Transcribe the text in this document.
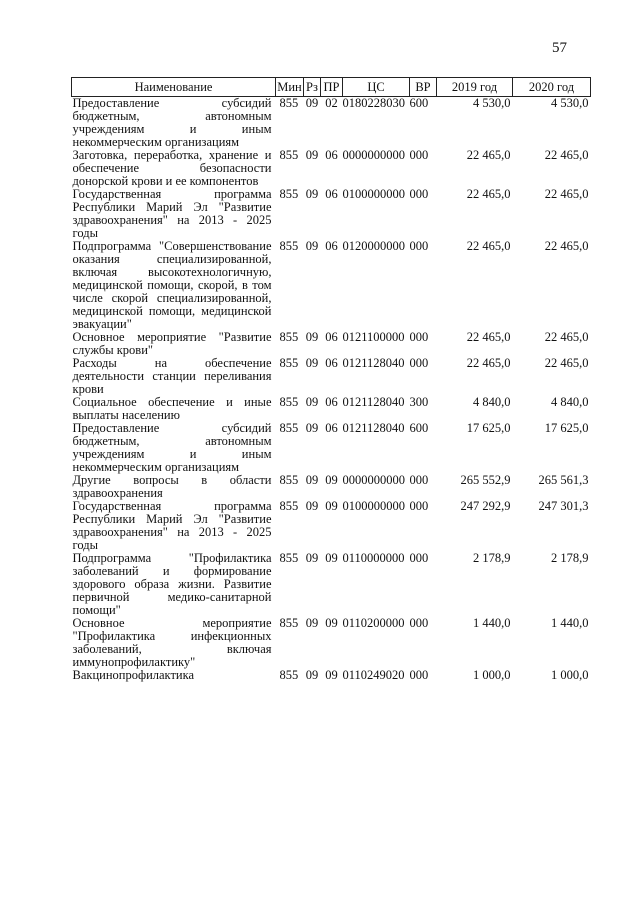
57
Наименование	Мин	Рз	ПР	ЦС	ВР	2019 год	2020 год
Предоставление субсидий бюджетным, автономным учреждениям и иным некоммерческим организациям	855	09	02	0180228030	600	4 530,0	4 530,0
Заготовка, переработка, хранение и обеспечение безопасности донорской крови и ее компонентов	855	09	06	0000000000	000	22 465,0	22 465,0
Государственная программа Республики Марий Эл "Развитие здравоохранения" на 2013 - 2025 годы	855	09	06	0100000000	000	22 465,0	22 465,0
Подпрограмма "Совершенствование оказания специализированной, включая высокотехнологичную, медицинской помощи, скорой, в том числе скорой специализированной, медицинской помощи, медицинской эвакуации"	855	09	06	0120000000	000	22 465,0	22 465,0
Основное мероприятие "Развитие службы крови"	855	09	06	0121100000	000	22 465,0	22 465,0
Расходы на обеспечение деятельности станции переливания крови	855	09	06	0121128040	000	22 465,0	22 465,0
Социальное обеспечение и иные выплаты населению	855	09	06	0121128040	300	4 840,0	4 840,0
Предоставление субсидий бюджетным, автономным учреждениям и иным некоммерческим организациям	855	09	06	0121128040	600	17 625,0	17 625,0
Другие вопросы в области здравоохранения	855	09	09	0000000000	000	265 552,9	265 561,3
Государственная программа Республики Марий Эл "Развитие здравоохранения" на 2013 - 2025 годы	855	09	09	0100000000	000	247 292,9	247 301,3
Подпрограмма "Профилактика заболеваний и формирование здорового образа жизни. Развитие первичной медико-санитарной помощи"	855	09	09	0110000000	000	2 178,9	2 178,9
Основное мероприятие "Профилактика инфекционных заболеваний, включая иммунопрофилактику"	855	09	09	0110200000	000	1 440,0	1 440,0
Вакцинопрофилактика	855	09	09	0110249020	000	1 000,0	1 000,0
